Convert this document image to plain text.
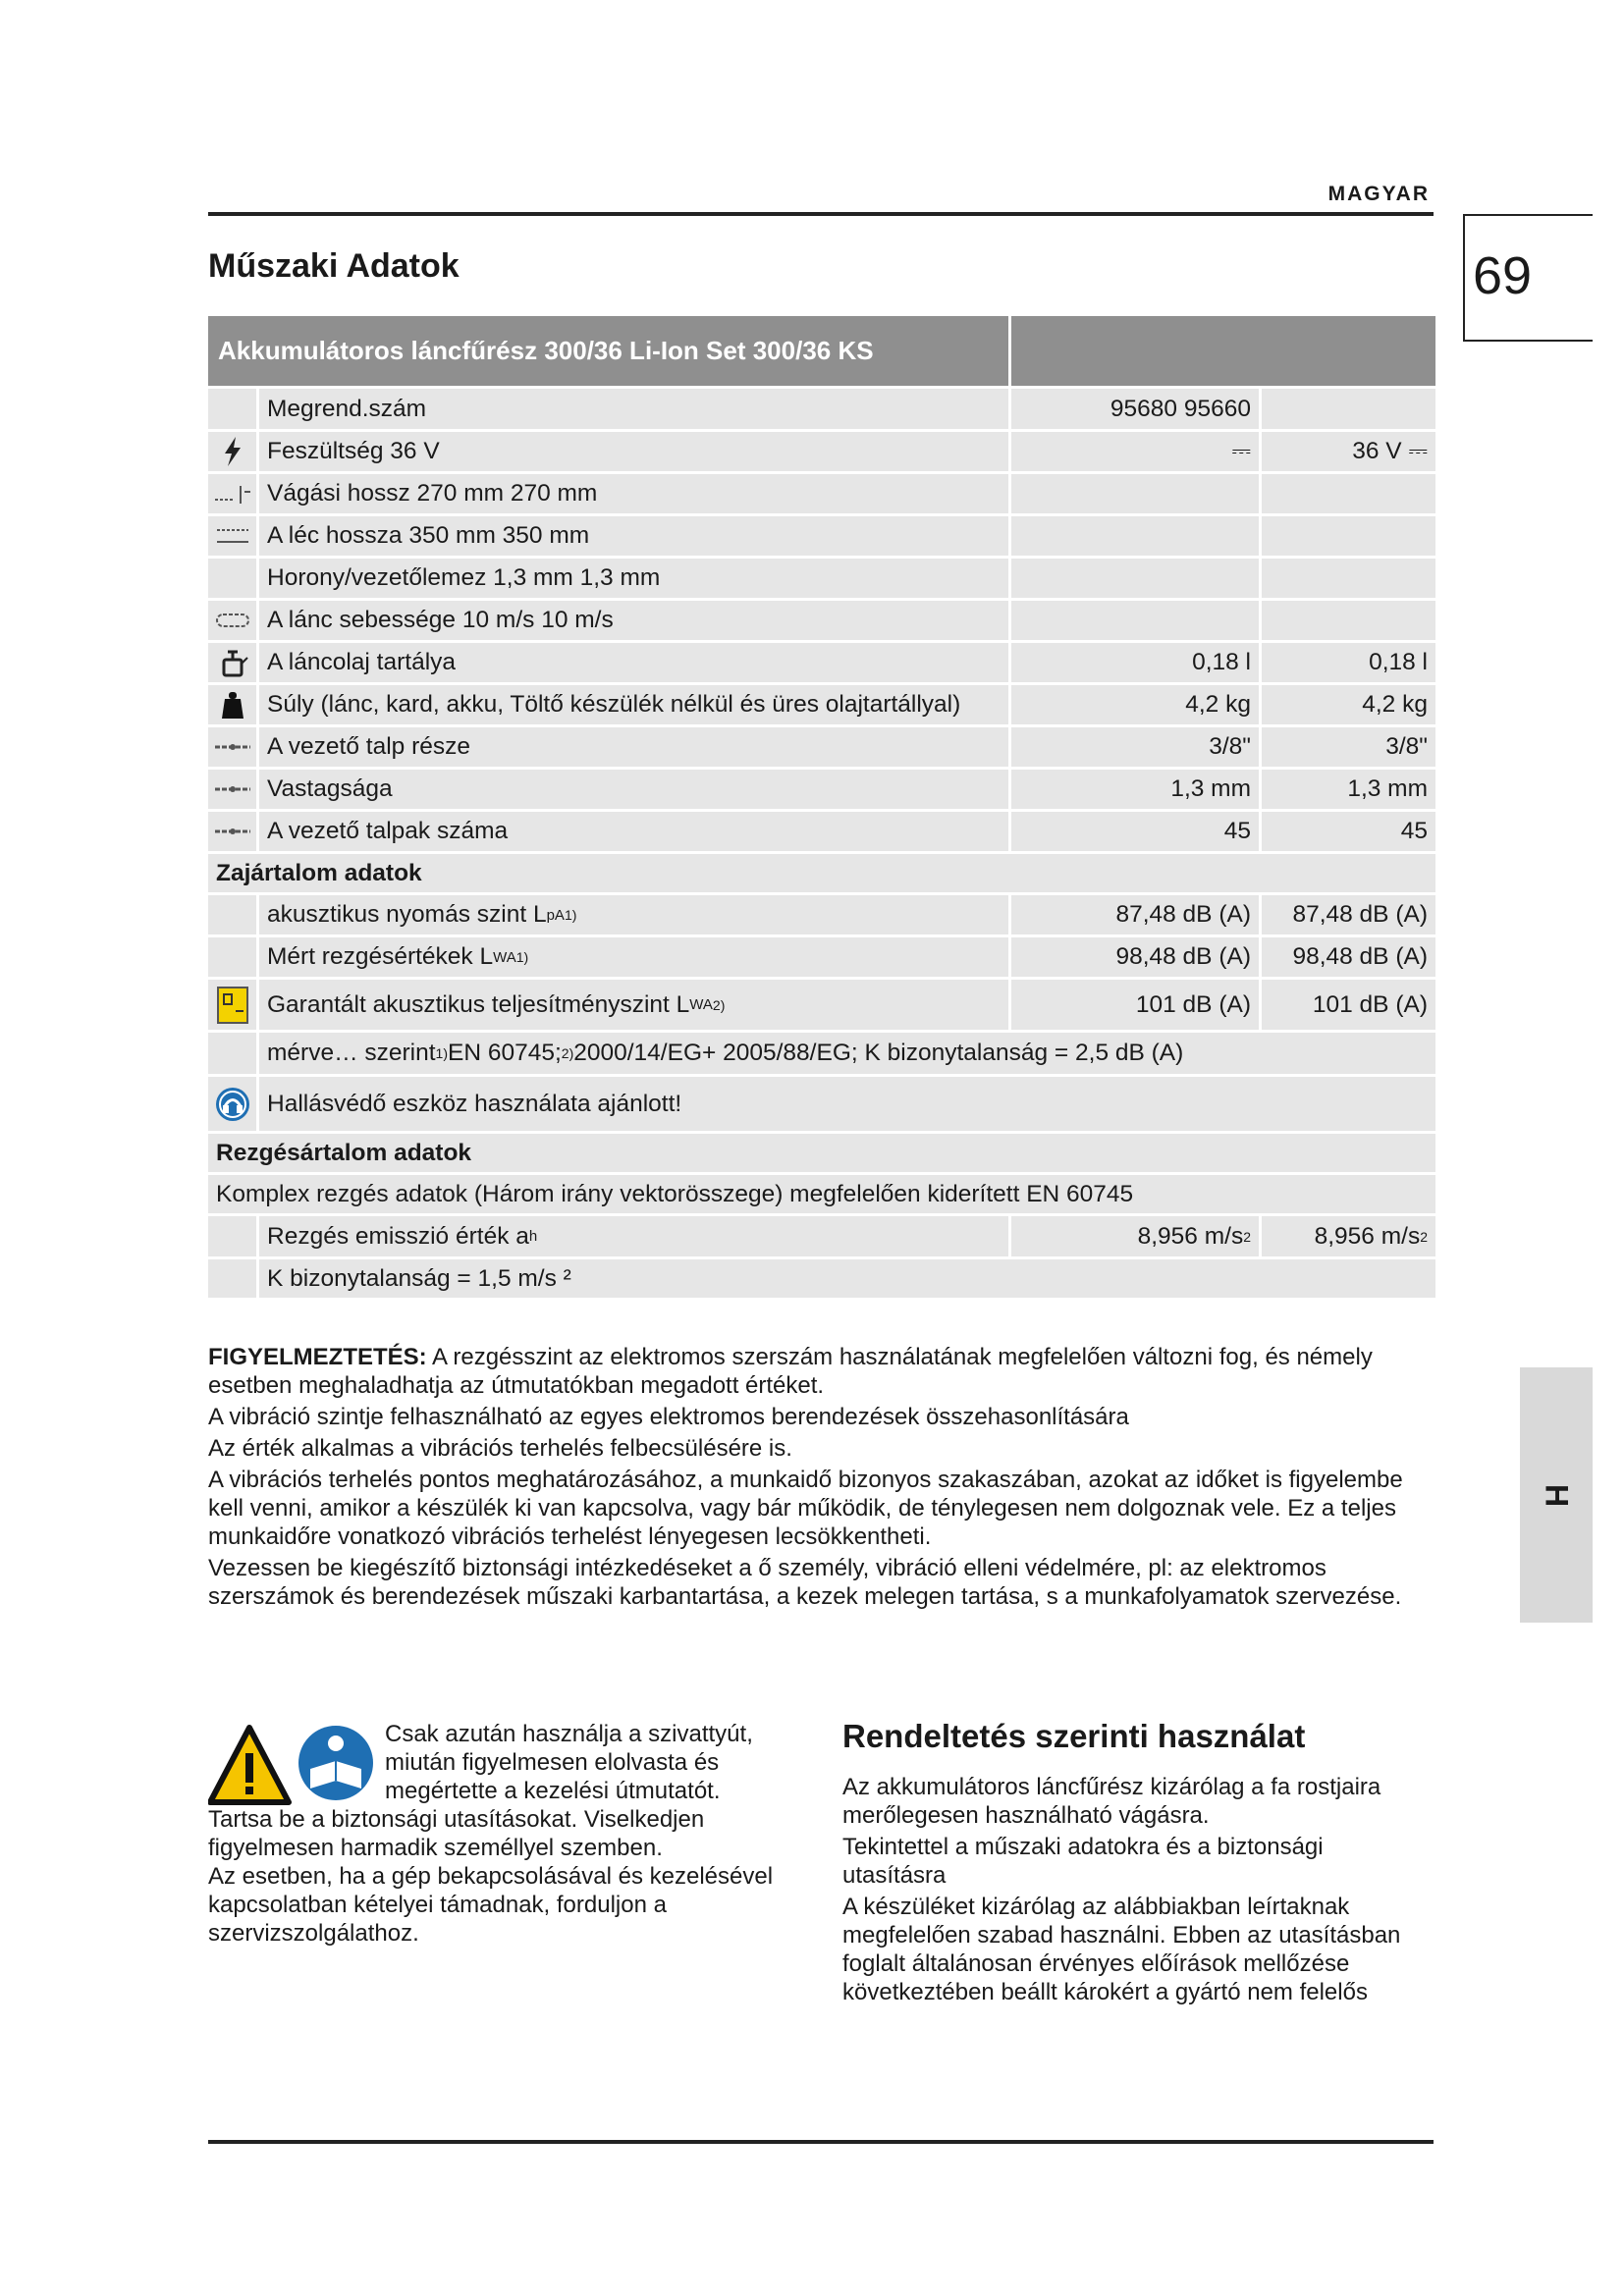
MAGYAR
69
Műszaki Adatok
H
Akkumulátoros láncfűrész 300/36 Li-Ion Set 300/36 KS
Megrend.szám	95680 95660
Feszültség 36 V	⎓	36 V ⎓
Vágási hossz 270 mm 270 mm
A léc hossza 350 mm 350 mm
Horony/vezetőlemez 1,3 mm 1,3 mm
A lánc sebessége 10 m/s 10 m/s
A láncolaj tartálya	0,18 l	0,18 l
Súly (lánc, kard, akku, Töltő készülék nélkül és üres olajtartállyal)	4,2 kg	4,2 kg
A vezető talp része	3/8"	3/8"
Vastagsága	1,3 mm	1,3 mm
A vezető talpak száma	45	45
Zajártalom adatok
akusztikus nyomás szint L pA 1)	87,48 dB (A)	87,48 dB (A)
Mért rezgésértékek L WA 1)	98,48 dB (A)	98,48 dB (A)
Garantált akusztikus teljesítményszint L WA 2)	101 dB (A)	101 dB (A)
mérve… szerint 1) EN 60745; 2) 2000/14/EG+ 2005/88/EG; K bizonytalanság = 2,5 dB (A)
Hallásvédő eszköz használata ajánlott!
Rezgésártalom adatok
Komplex rezgés adatok (Három irány vektorösszege) megfelelően kiderített EN 60745
Rezgés emisszió érték a h	8,956 m/s 2	8,956 m/s 2
K bizonytalanság = 1,5 m/s ²

FIGYELMEZTETÉS: A rezgésszint az elektromos szerszám használatának megfelelően változni fog, és némely esetben meghaladhatja az útmutatókban megadott értéket.

A vibráció szintje felhasználható az egyes elektromos berendezések összehasonlítására

Az érték alkalmas a vibrációs terhelés felbecsülésére is.

A vibrációs terhelés pontos meghatározásához, a munkaidő bizonyos szakaszában, azokat az időket is figyelembe kell venni, amikor a készülék ki van kapcsolva, vagy bár működik, de ténylegesen nem dolgoznak vele. Ez a teljes munkaidőre vonatkozó vibrációs terhelést lényegesen lecsökkentheti.

Vezessen be kiegészítő biztonsági intézkedéseket a ő személy, vibráció elleni védelmére, pl: az elektromos szerszámok és berendezések műszaki karbantartása, a kezek melegen tartása, s a munkafolyamatok szervezése.

Csak azután használja a szivattyút, miután figyelmesen elolvasta és megértette a kezelési útmutatót.
Tartsa be a biztonsági utasításokat. Viselkedjen figyelmesen harmadik személlyel szemben.
Az esetben, ha a gép bekapcsolásával és kezelésével kapcsolatban kételyei támadnak, forduljon a szervizszolgálathoz.
Rendeltetés szerinti használat

Az akkumulátoros láncfűrész kizárólag a fa rostjaira merőlegesen használható vágásra.

Tekintettel a műszaki adatokra és a biztonsági utasításra

A készüléket kizárólag az alábbiakban leírtaknak megfelelően szabad használni. Ebben az utasításban foglalt általánosan érvényes előírások mellőzése következtében beállt károkért a gyártó nem felelős
